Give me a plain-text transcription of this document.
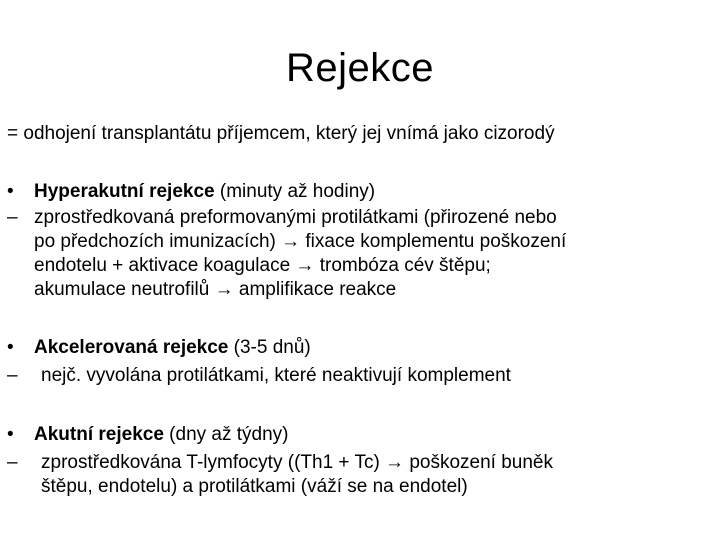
Rejekce
= odhojení transplantátu příjemcem, který jej vnímá jako cizorodý
• Hyperakutní rejekce (minuty až hodiny)
– zprostředkovaná preformovanými protilátkami (přirozené nebo
po předchozích imunizacích) → fixace komplementu poškození
endotelu + aktivace koagulace → trombóza cév štěpu;
akumulace neutrofilů → amplifikace reakce
• Akcelerovaná rejekce (3-5 dnů)
– nejč. vyvolána protilátkami, které neaktivují komplement
• Akutní rejekce (dny až týdny)
– zprostředkována T-lymfocyty ((Th1 + Tc) → poškození buněk
štěpu, endotelu) a protilátkami (váží se na endotel)
